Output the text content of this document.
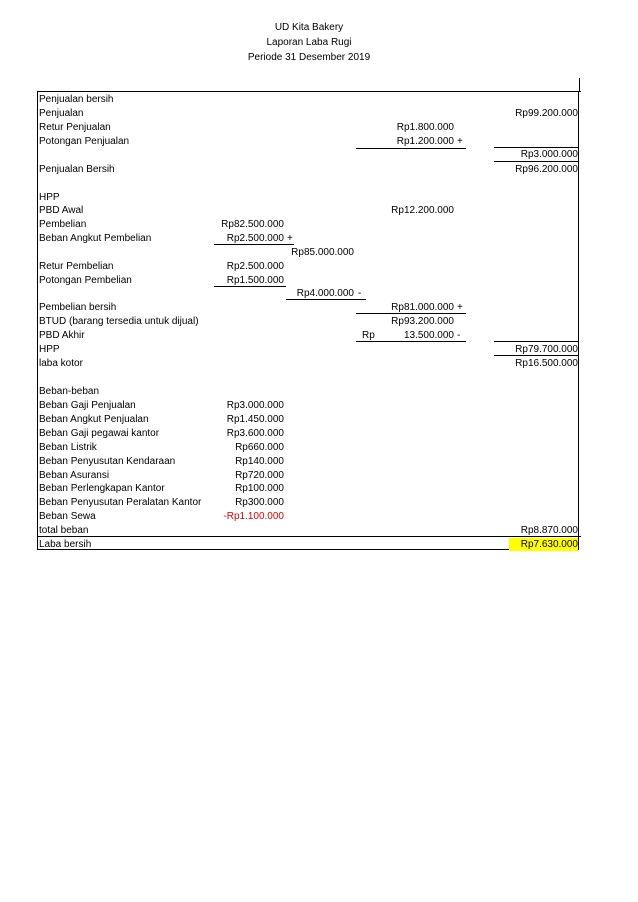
UD Kita Bakery
Laporan Laba Rugi
Periode 31 Desember 2019
Penjualan bersih
Penjualan
Retur Penjualan
Potongan Penjualan
Penjualan Bersih
HPP
PBD Awal
Pembelian
Beban Angkut Pembelian
Retur Pembelian
Potongan Pembelian
Pembelian bersih
BTUD (barang tersedia untuk dijual)
PBD Akhir
HPP
laba kotor
Beban-beban
Beban Gaji Penjualan
Beban Angkut Penjualan
Beban Gaji pegawai kantor
Beban Listrik
Beban Penyusutan Kendaraan
Beban Asuransi
Beban Perlengkapan Kantor
Beban Penyusutan Peralatan Kantor
Beban Sewa
total beban
Laba bersih
Rp99.200.000
Rp3.000.000
Rp96.200.000
Rp79.700.000
Rp16.500.000
Rp8.870.000
Rp7.630.000
Rp1.800.000
Rp1.200.000 +
Rp12.200.000
Rp81.000.000 +
Rp93.200.000
Rp	13.500.000 -
Rp85.000.000
Rp4.000.000 -
Rp82.500.000
Rp2.500.000 +
Rp2.500.000
Rp1.500.000
Rp3.000.000
Rp1.450.000
Rp3.600.000
Rp660.000
Rp140.000
Rp720.000
Rp100.000
Rp300.000
-Rp1.100.000
